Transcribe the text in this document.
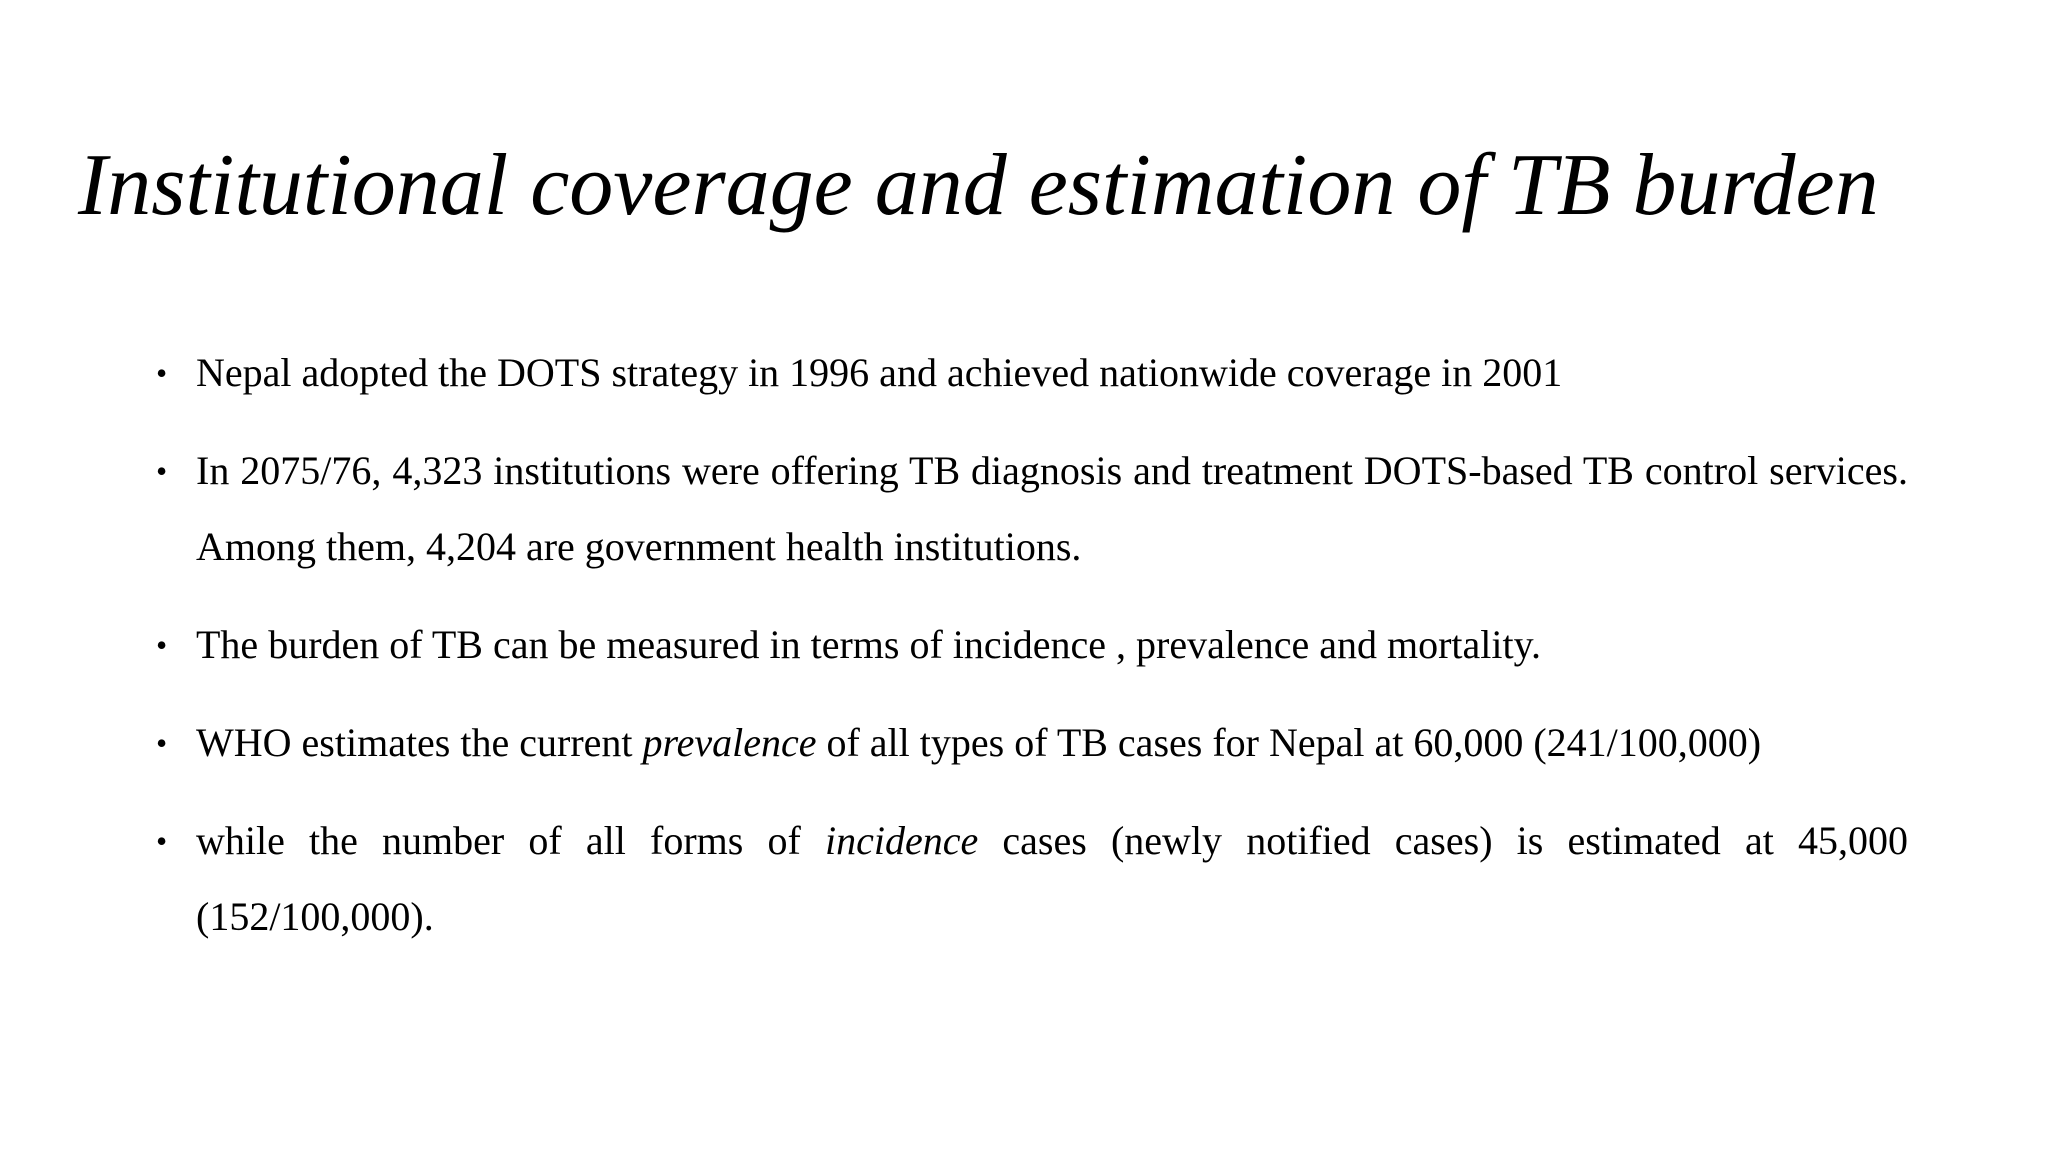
Institutional coverage and estimation of TB burden
• Nepal adopted the DOTS strategy in 1996 and achieved nationwide coverage in 2001
• In 2075/76, 4,323 institutions were offering TB diagnosis and treatment DOTS-based TB control services. Among them, 4,204 are government health institutions.
• The burden of TB can be measured in terms of incidence , prevalence and mortality.
• WHO estimates the current prevalence of all types of TB cases for Nepal at 60,000 (241/100,000)
• while the number of all forms of incidence cases (newly notified cases) is estimated at 45,000 (152/100,000).
